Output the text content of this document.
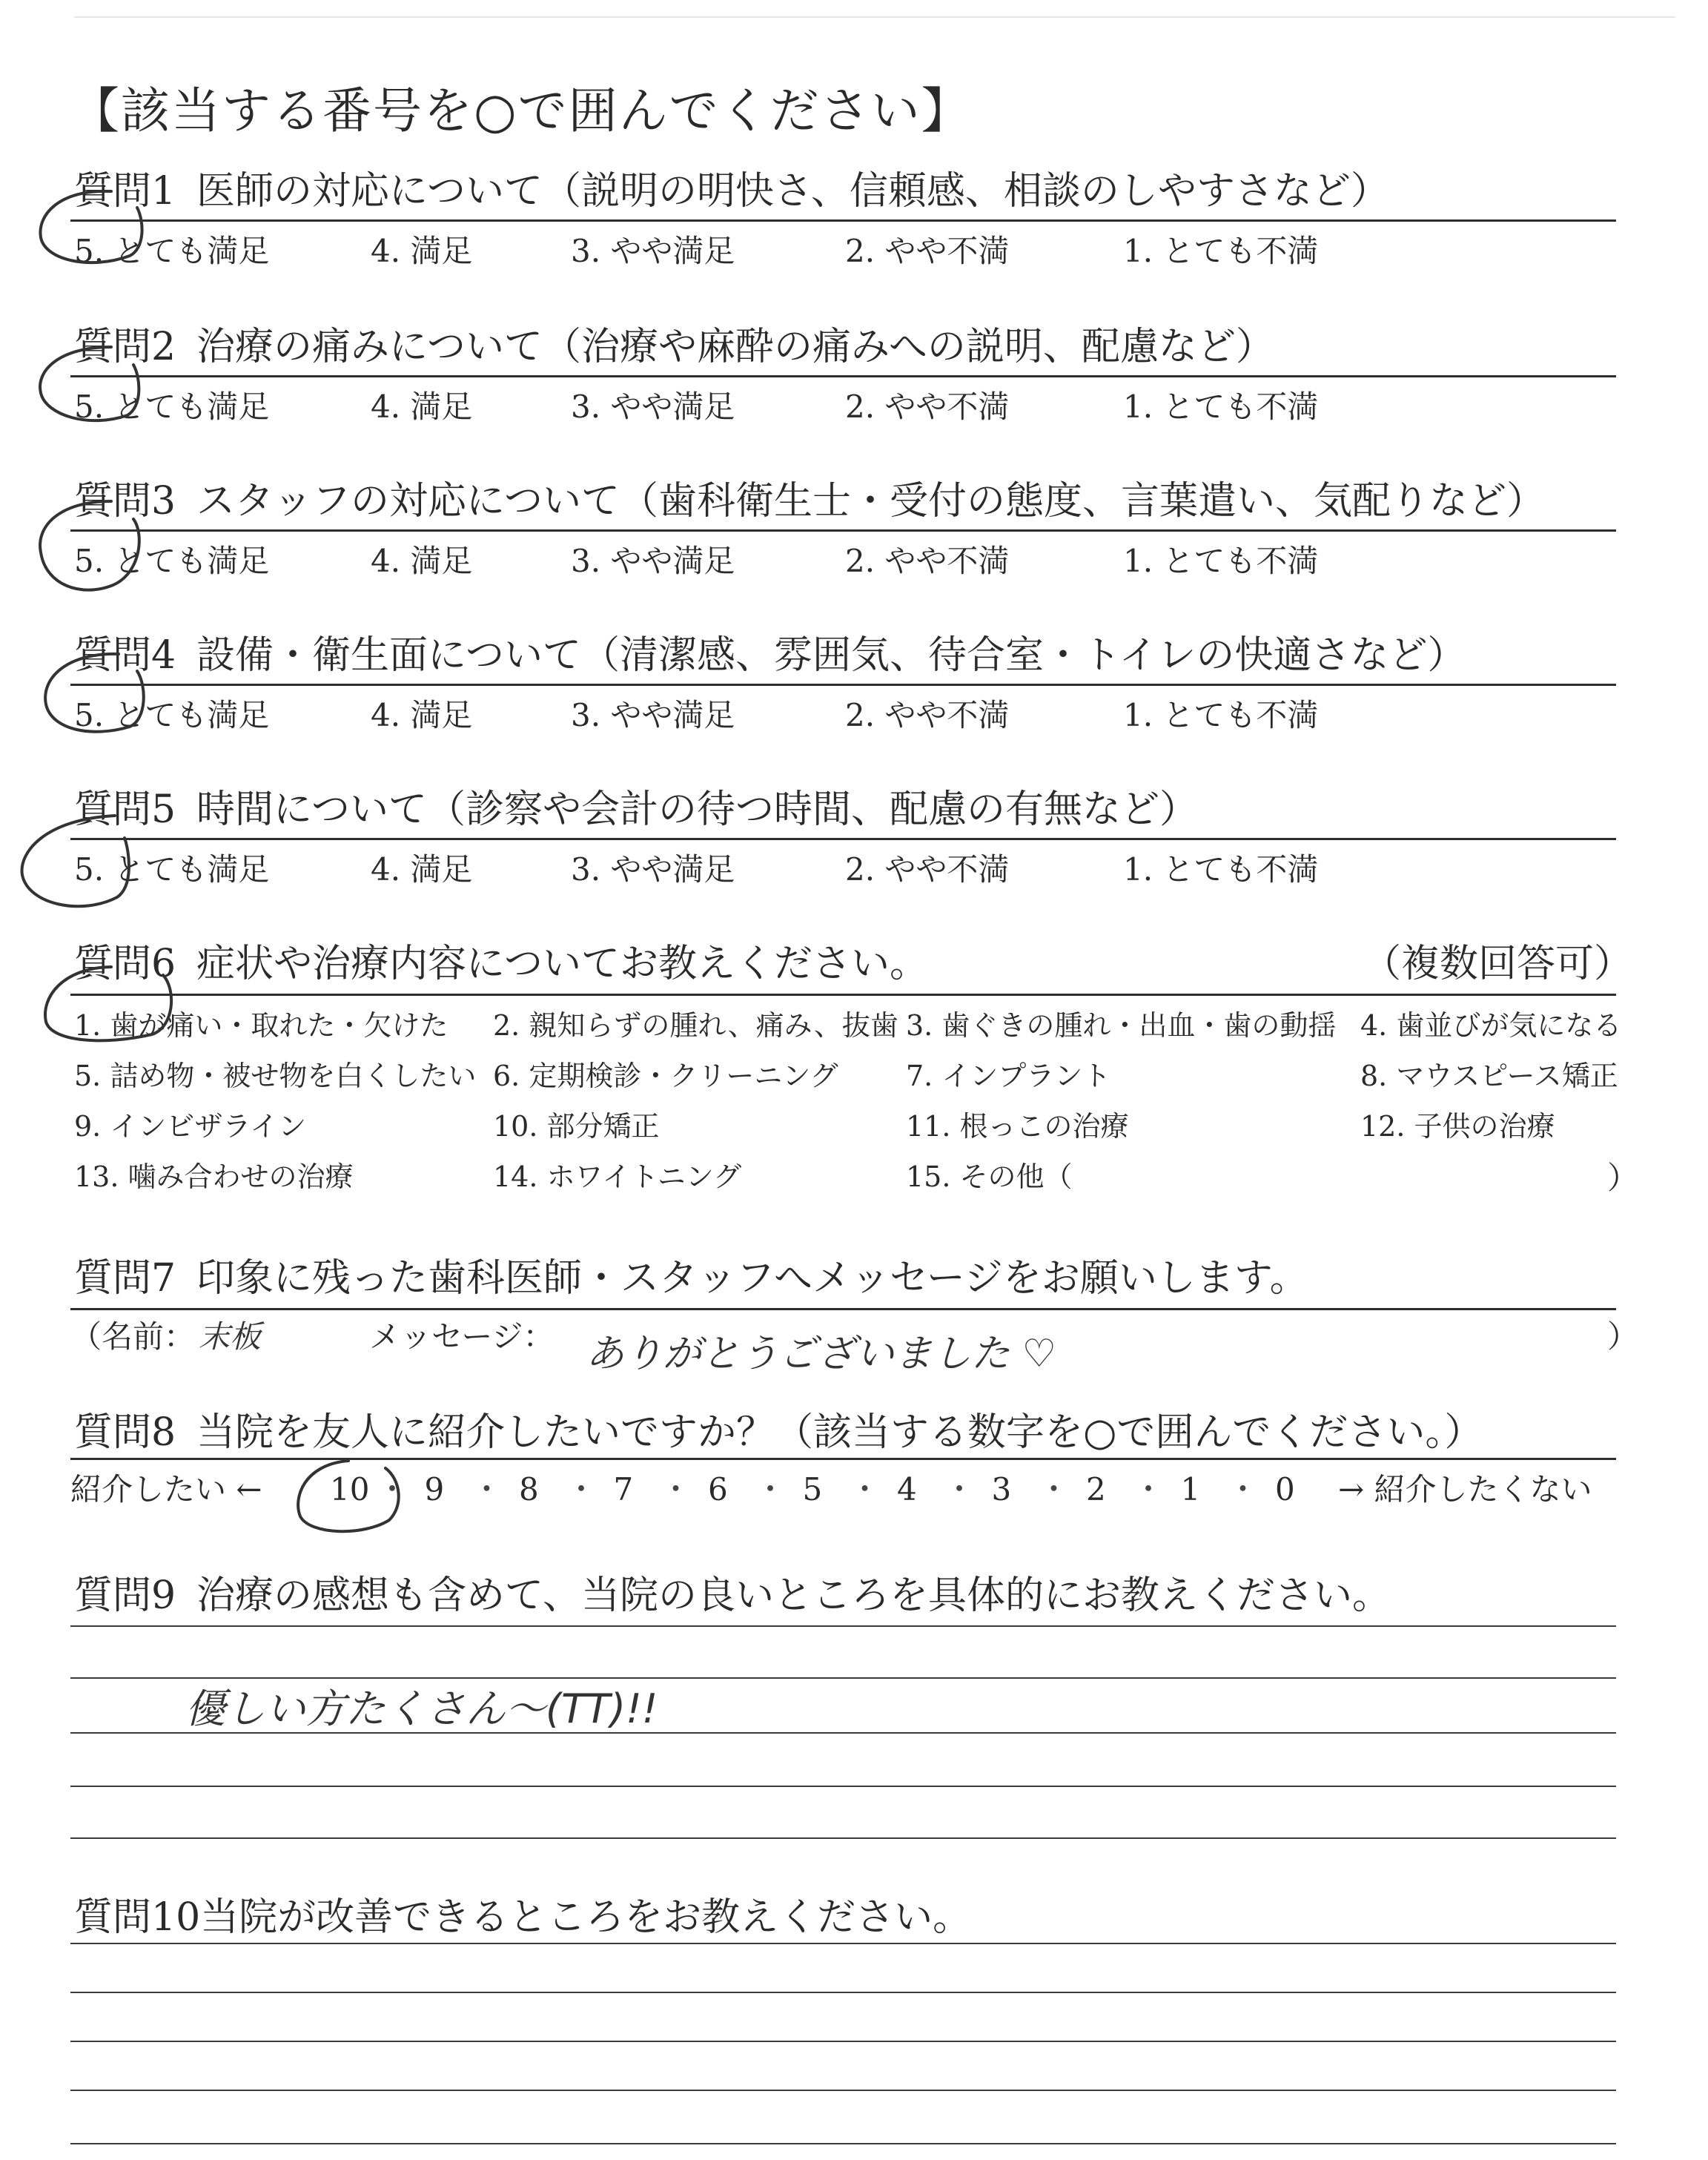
【該当する番号を○で囲んでください】
質問1 医師の対応について（説明の明快さ、信頼感、相談のしやすさなど）
5. とても満足	4. 満足	3. やや満足	2. やや不満	1. とても不満
質問2 治療の痛みについて（治療や麻酔の痛みへの説明、配慮など）
5. とても満足	4. 満足	3. やや満足	2. やや不満	1. とても不満
質問3 スタッフの対応について（歯科衛生士・受付の態度、言葉遣い、気配りなど）
5. とても満足	4. 満足	3. やや満足	2. やや不満	1. とても不満
質問4 設備・衛生面について（清潔感、雰囲気、待合室・トイレの快適さなど）
5. とても満足	4. 満足	3. やや満足	2. やや不満	1. とても不満
質問5 時間について（診察や会計の待つ時間、配慮の有無など）
5. とても満足	4. 満足	3. やや満足	2. やや不満	1. とても不満
質問6 症状や治療内容についてお教えください。	（複数回答可）
1. 歯が痛い・取れた・欠けた 2. 親知らずの腫れ、痛み、抜歯 3. 歯ぐきの腫れ・出血・歯の動揺 4. 歯並びが気になる
5. 詰め物・被せ物を白くしたい 6. 定期検診・クリーニング 7. インプラント	8. マウスピース矯正
9. インビザライン	10. 部分矯正	11. 根っこの治療	12. 子供の治療
13. 噛み合わせの治療	14. ホワイトニング	15. その他（	）
質問7 印象に残った歯科医師・スタッフへメッセージをお願いします。
（名前： 末板	メッセージ： ありがとうございました ♡	）
質問8 当院を友人に紹介したいですか？（該当する数字を○で囲んでください。）
紹介したい ← 10 ・ 9 ・ 8 ・ 7 ・ 6 ・ 5 ・ 4 ・ 3 ・ 2 ・ 1 ・ 0 → 紹介したくない
質問9 治療の感想も含めて、当院の良いところを具体的にお教えください。
優しい方たくさん〜(TT)!!
質問10当院が改善できるところをお教えください。
